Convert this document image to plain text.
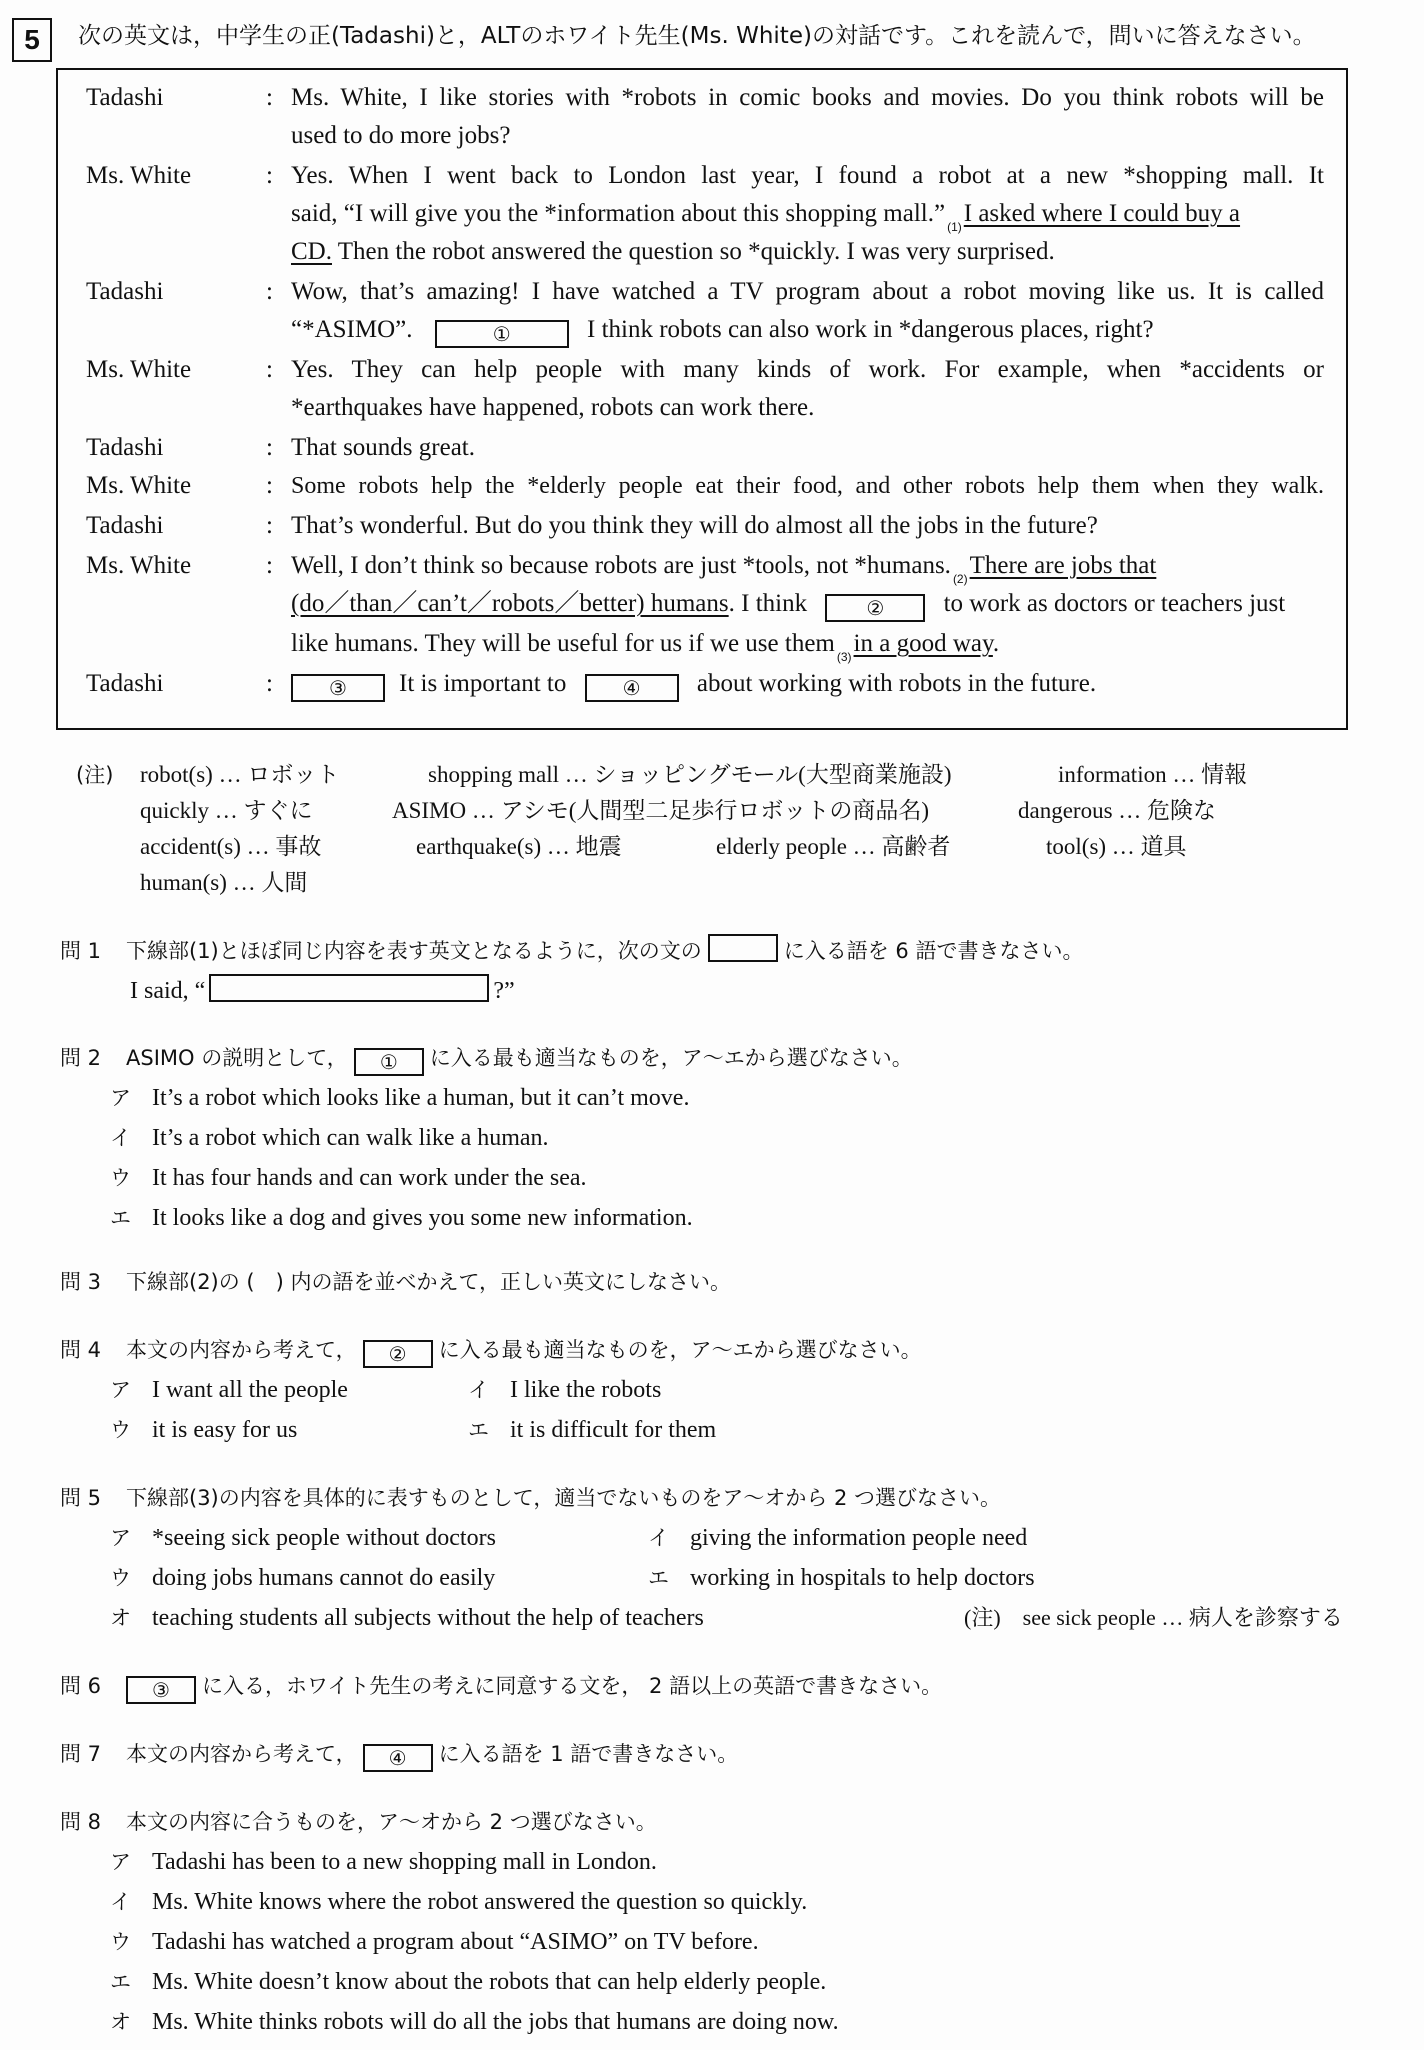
5	次の英文は，中学生の正(Tadashi)と，ALTのホワイト先生(Ms. White)の対話です。これを読んで，問いに答えなさい。
Tadashi	: Ms. White, I like stories with *robots in comic books and movies. Do you think robots will be
used to do more jobs?
Ms. White	: Yes. When I went back to London last year, I found a robot at a new *shopping mall. It
said, “I will give you the *information about this shopping mall.” $_{(1)}$I asked where I could buy a
CD. Then the robot answered the question so *quickly. I was very surprised.
Tadashi	: Wow, that’s amazing! I have watched a TV program about a robot moving like us. It is called
“*ASIMO”.	①	I think robots can also work in *dangerous places, right?
Ms. White	: Yes. They can help people with many kinds of work. For example, when *accidents or
*earthquakes have happened, robots can work there.
Tadashi	: That sounds great.
Ms. White	: Some robots help the *elderly people eat their food, and other robots help them when they walk.
Tadashi	: That’s wonderful. But do you think they will do almost all the jobs in the future?
Ms. White	: Well, I don’t think so because robots are just *tools, not *humans. $_{(2)}$There are jobs that
(do／than／can’t／robots／better) humans. I think	② to work as doctors or teachers just
like humans. They will be useful for us if we use them $_{(3)}$in a good way.
Tadashi	:	③ It is important to	④ about working with robots in the future.
(注) robot(s) … ロボット	shopping mall … ショッピングモール(大型商業施設)	information … 情報
quickly … すぐに	ASIMO … アシモ(人間型二足歩行ロボットの商品名)	dangerous … 危険な
accident(s) … 事故	earthquake(s) … 地震	elderly people … 高齢者	tool(s) … 道具
human(s) … 人間
問 1 下線部(1)とほぼ同じ内容を表す英文となるように，次の文の	に入る語を 6 語で書きなさい。
I said, “	?”
問 2 ASIMO の説明として， ① に入る最も適当なものを，ア～エから選びなさい。
ア It’s a robot which looks like a human, but it can’t move.
イ It’s a robot which can walk like a human.
ウ It has four hands and can work under the sea.
エ It looks like a dog and gives you some new information.
問 3 下線部(2)の (　) 内の語を並べかえて，正しい英文にしなさい。
問 4 本文の内容から考えて， ② に入る最も適当なものを，ア～エから選びなさい。
ア I want all the people	イ I like the robots
ウ it is easy for us	エ it is difficult for them
問 5 下線部(3)の内容を具体的に表すものとして，適当でないものをア～オから 2 つ選びなさい。
ア *seeing sick people without doctors	イ giving the information people need
ウ doing jobs humans cannot do easily	エ working in hospitals to help doctors
オ teaching students all subjects without the help of teachers	(注)　see sick people … 病人を診察する
問 6	③ に入る，ホワイト先生の考えに同意する文を， 2 語以上の英語で書きなさい。
問 7 本文の内容から考えて， ④ に入る語を 1 語で書きなさい。
問 8 本文の内容に合うものを，ア～オから 2 つ選びなさい。
ア Tadashi has been to a new shopping mall in London.
イ Ms. White knows where the robot answered the question so quickly.
ウ Tadashi has watched a program about “ASIMO” on TV before.
エ Ms. White doesn’t know about the robots that can help elderly people.
オ Ms. White thinks robots will do all the jobs that humans are doing now.
